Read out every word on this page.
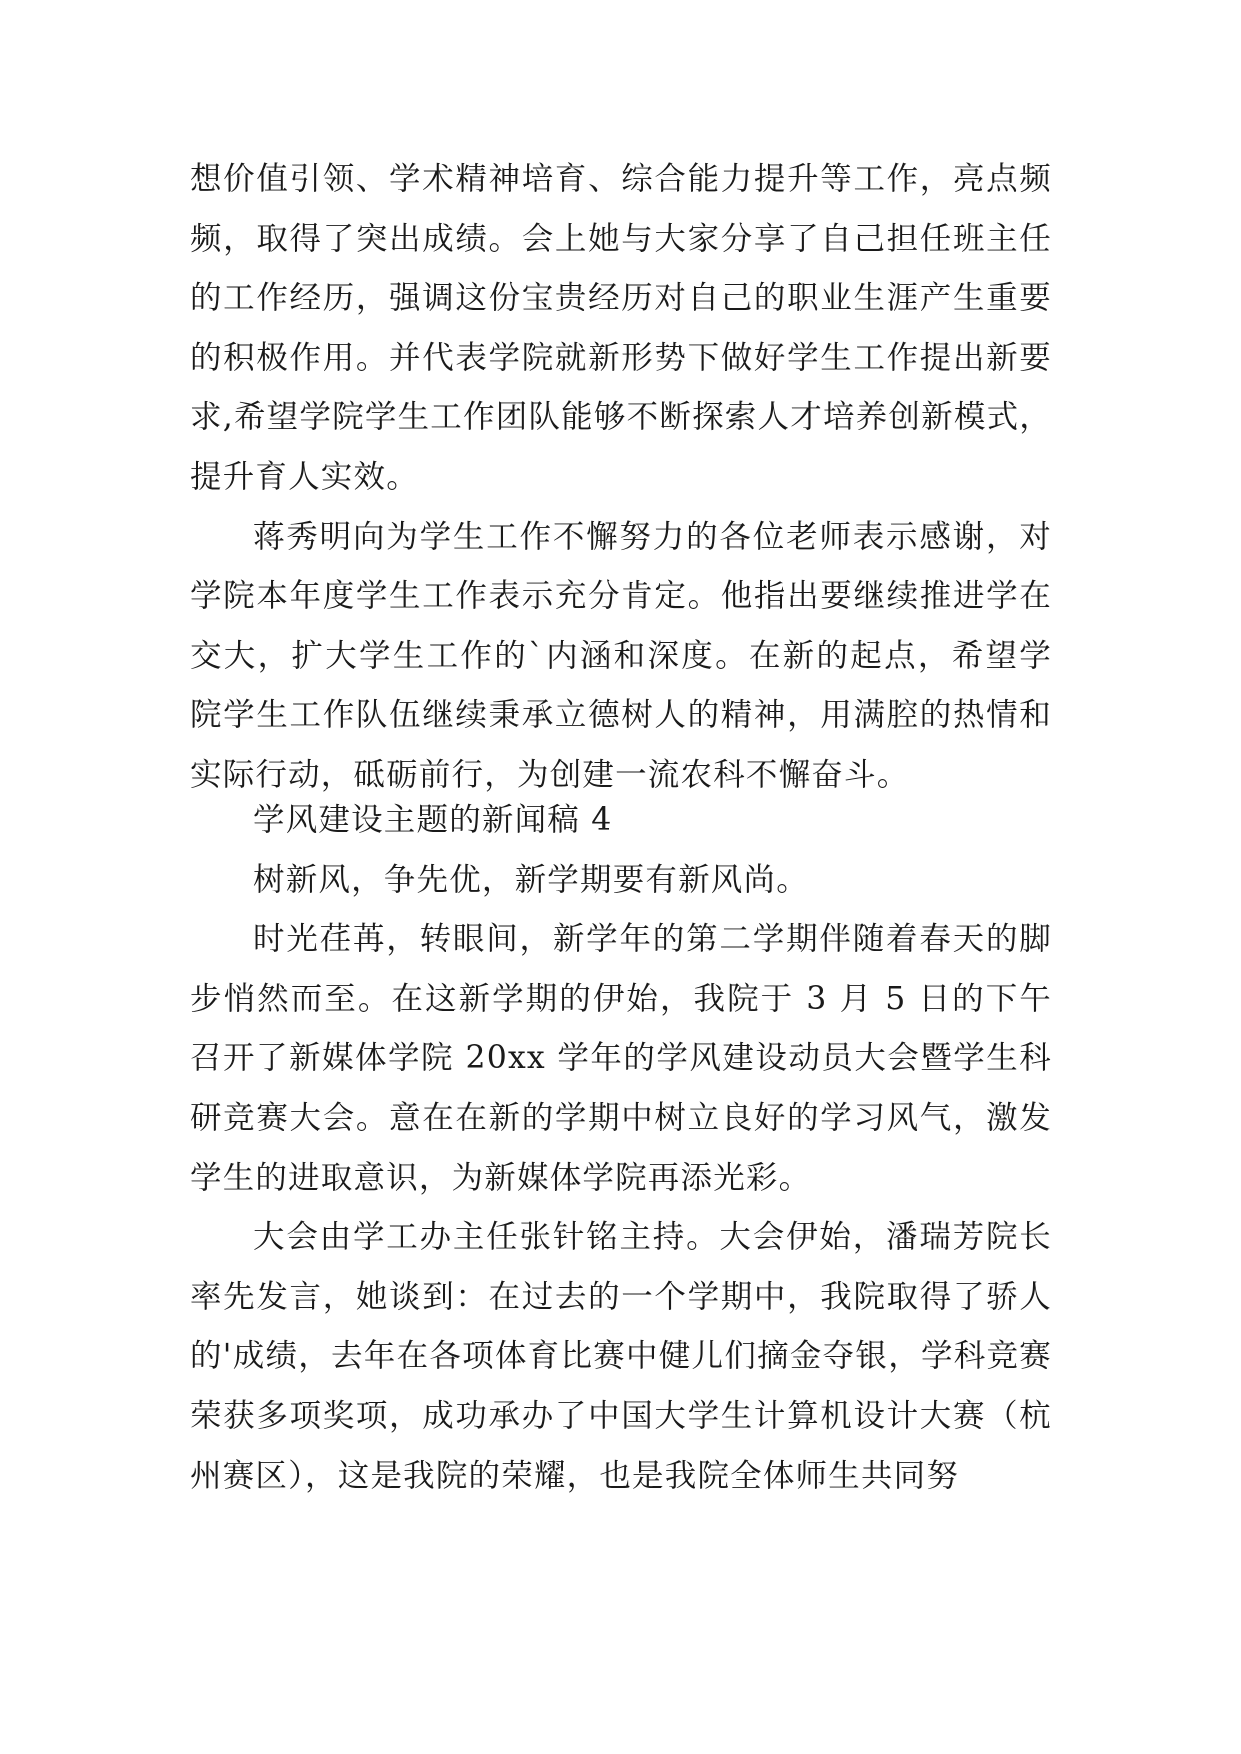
想价值引领、学术精神培育、综合能力提升等工作，亮点频频，取得了突出成绩。会上她与大家分享了自己担任班主任的工作经历，强调这份宝贵经历对自己的职业生涯产生重要的积极作用。并代表学院就新形势下做好学生工作提出新要求,希望学院学生工作团队能够不断探索人才培养创新模式，提升育人实效。

蒋秀明向为学生工作不懈努力的各位老师表示感谢，对学院本年度学生工作表示充分肯定。他指出要继续推进学在交大，扩大学生工作的`内涵和深度。在新的起点，希望学院学生工作队伍继续秉承立德树人的精神，用满腔的热情和实际行动，砥砺前行，为创建一流农科不懈奋斗。

学风建设主题的新闻稿 4

树新风，争先优，新学期要有新风尚。

时光荏苒，转眼间，新学年的第二学期伴随着春天的脚步悄然而至。在这新学期的伊始，我院于 3 月 5 日的下午召开了新媒体学院 20xx 学年的学风建设动员大会暨学生科研竞赛大会。意在在新的学期中树立良好的学习风气，激发学生的进取意识，为新媒体学院再添光彩。

大会由学工办主任张针铭主持。大会伊始，潘瑞芳院长率先发言，她谈到：在过去的一个学期中，我院取得了骄人的'成绩，去年在各项体育比赛中健儿们摘金夺银，学科竞赛荣获多项奖项，成功承办了中国大学生计算机设计大赛（杭州赛区），这是我院的荣耀，也是我院全体师生共同努
